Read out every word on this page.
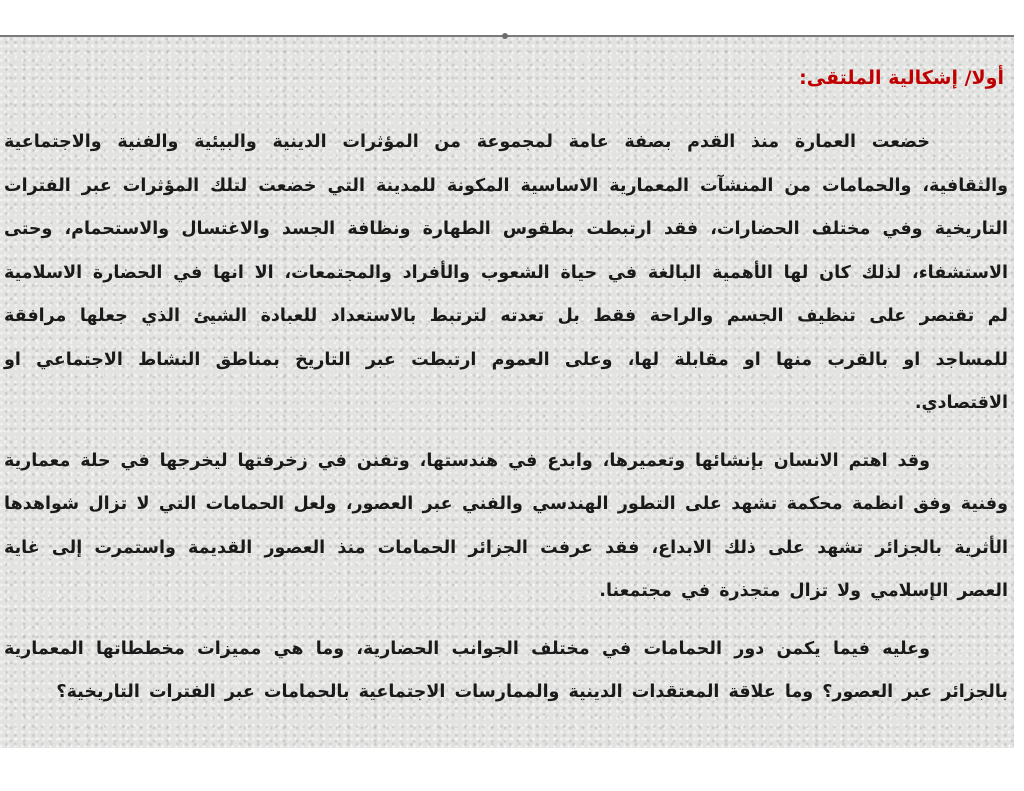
أولا/ إشكالية الملتقى:

خضعت العمارة منذ القدم بصفة عامة لمجموعة من المؤثرات الدينية والبيئية والفنية والاجتماعية والثقافية، والحمامات من المنشآت المعمارية الاساسية المكونة للمدينة التي خضعت لتلك المؤثرات عبر الفترات التاريخية وفي مختلف الحضارات، فقد ارتبطت بطقوس الطهارة ونظافة الجسد والاغتسال والاستحمام، وحتى الاستشفاء، لذلك كان لها الأهمية البالغة في حياة الشعوب والأفراد والمجتمعات، الا انها في الحضارة الاسلامية لم تقتصر على تنظيف الجسم والراحة فقط بل تعدته لترتبط بالاستعداد للعبادة الشيئ الذي جعلها مرافقة للمساجد او بالقرب منها او مقابلة لها، وعلى العموم ارتبطت عبر التاريخ بمناطق النشاط الاجتماعي او الاقتصادي.

وقد اهتم الانسان بإنشائها وتعميرها، وابدع في هندستها، وتفنن في زخرفتها ليخرجها في حلة معمارية وفنية وفق انظمة محكمة تشهد على التطور الهندسي والفني عبر العصور، ولعل الحمامات التي لا تزال شواهدها الأثرية بالجزائر تشهد على ذلك الابداع، فقد عرفت الجزائر الحمامات منذ العصور القديمة واستمرت إلى غاية العصر الإسلامي ولا تزال متجذرة في مجتمعنا.

وعليه فيما يكمن دور الحمامات في مختلف الجوانب الحضارية، وما هي مميزات مخططاتها المعمارية بالجزائر عبر العصور؟ وما علاقة المعتقدات الدينية والممارسات الاجتماعية بالحمامات عبر الفترات التاريخية؟
